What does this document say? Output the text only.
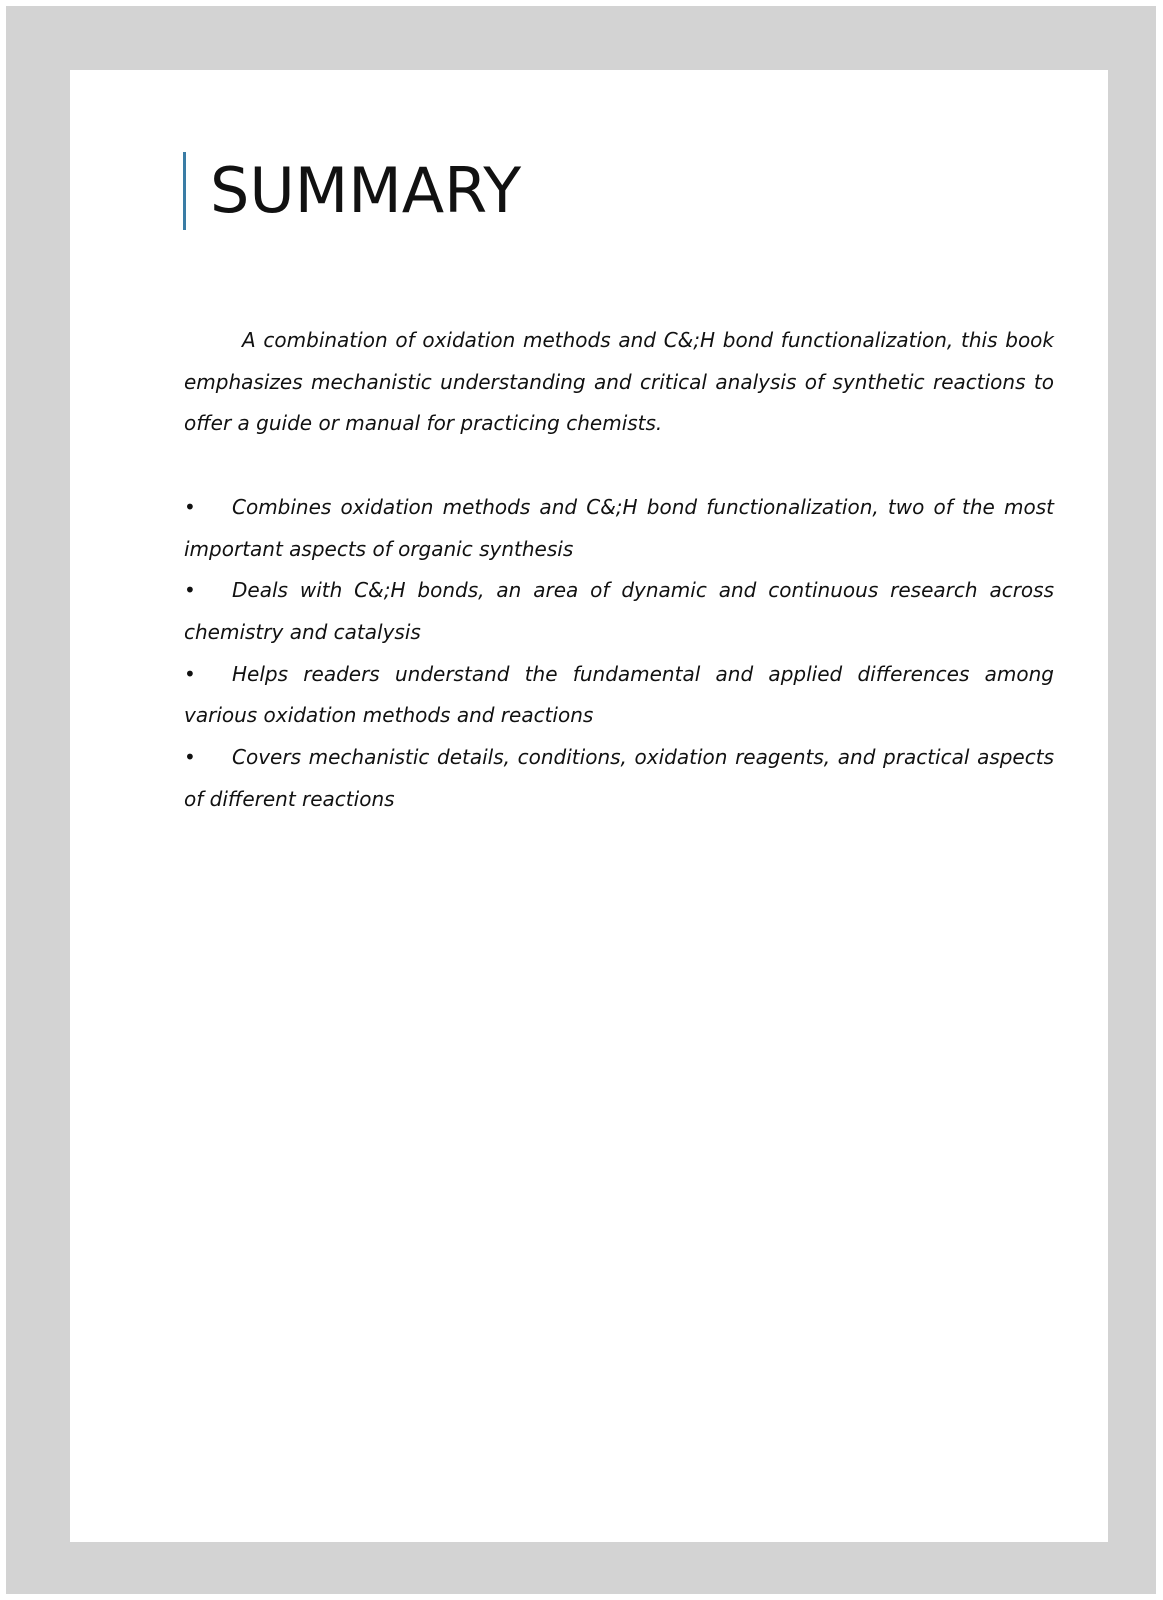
SUMMARY

A combination of oxidation methods and C&;H bond functionalization, this book emphasizes mechanistic understanding and critical analysis of synthetic reactions to offer a guide or manual for practicing chemists.

• Combines oxidation methods and C&;H bond functionalization, two of the most important aspects of organic synthesis
• Deals with C&;H bonds, an area of dynamic and continuous research across chemistry and catalysis
• Helps readers understand the fundamental and applied differences among various oxidation methods and reactions
• Covers mechanistic details, conditions, oxidation reagents, and practical aspects of different reactions
